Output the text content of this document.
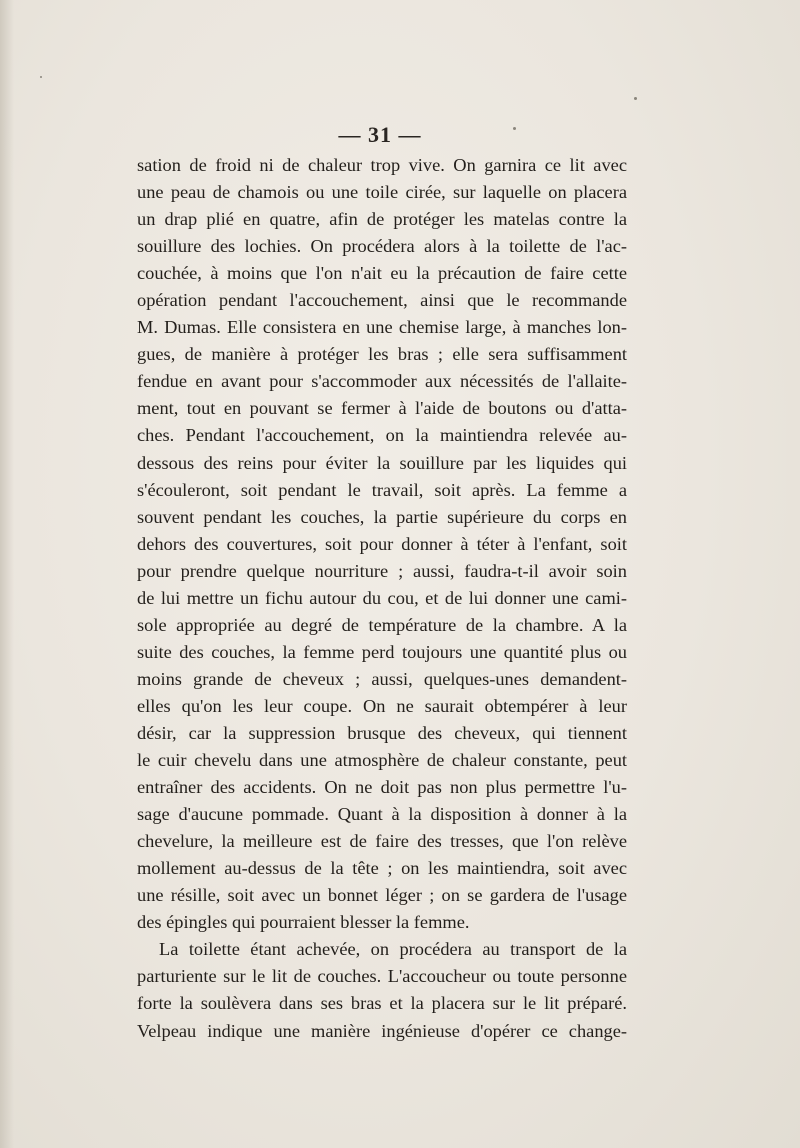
— 31 —
sation de froid ni de chaleur trop vive. On garnira ce lit avec
une peau de chamois ou une toile cirée, sur laquelle on placera
un drap plié en quatre, afin de protéger les matelas contre la
souillure des lochies. On procédera alors à la toilette de l'ac-
couchée, à moins que l'on n'ait eu la précaution de faire cette
opération pendant l'accouchement, ainsi que le recommande
M. Dumas. Elle consistera en une chemise large, à manches lon-
gues, de manière à protéger les bras ; elle sera suffisamment
fendue en avant pour s'accommoder aux nécessités de l'allaite-
ment, tout en pouvant se fermer à l'aide de boutons ou d'atta-
ches. Pendant l'accouchement, on la maintiendra relevée au-
dessous des reins pour éviter la souillure par les liquides qui
s'écouleront, soit pendant le travail, soit après. La femme a
souvent pendant les couches, la partie supérieure du corps en
dehors des couvertures, soit pour donner à téter à l'enfant, soit
pour prendre quelque nourriture ; aussi, faudra-t-il avoir soin
de lui mettre un fichu autour du cou, et de lui donner une cami-
sole appropriée au degré de température de la chambre. A la
suite des couches, la femme perd toujours une quantité plus ou
moins grande de cheveux ; aussi, quelques-unes demandent-
elles qu'on les leur coupe. On ne saurait obtempérer à leur
désir, car la suppression brusque des cheveux, qui tiennent
le cuir chevelu dans une atmosphère de chaleur constante, peut
entraîner des accidents. On ne doit pas non plus permettre l'u-
sage d'aucune pommade. Quant à la disposition à donner à la
chevelure, la meilleure est de faire des tresses, que l'on relève
mollement au-dessus de la tête ; on les maintiendra, soit avec
une résille, soit avec un bonnet léger ; on se gardera de l'usage
des épingles qui pourraient blesser la femme.
La toilette étant achevée, on procédera au transport de la
parturiente sur le lit de couches. L'accoucheur ou toute personne
forte la soulèvera dans ses bras et la placera sur le lit préparé.
Velpeau indique une manière ingénieuse d'opérer ce change-
